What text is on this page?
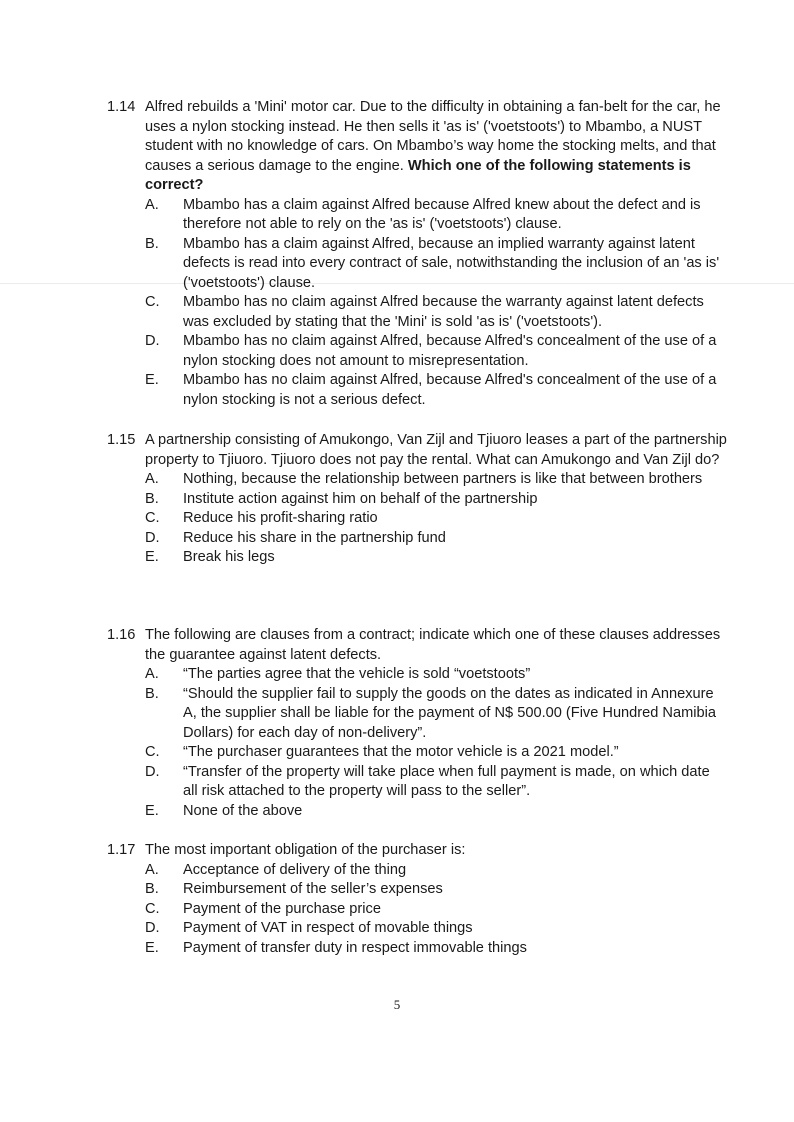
1.14 Alfred rebuilds a 'Mini' motor car. Due to the difficulty in obtaining a fan-belt for the car, he uses a nylon stocking instead. He then sells it 'as is' ('voetstoots') to Mbambo, a NUST student with no knowledge of cars. On Mbambo’s way home the stocking melts, and that causes a serious damage to the engine. Which one of the following statements is correct?
A. Mbambo has a claim against Alfred because Alfred knew about the defect and is therefore not able to rely on the 'as is' ('voetstoots') clause.
B. Mbambo has a claim against Alfred, because an implied warranty against latent defects is read into every contract of sale, notwithstanding the inclusion of an 'as is' ('voetstoots') clause.
C. Mbambo has no claim against Alfred because the warranty against latent defects was excluded by stating that the 'Mini' is sold 'as is' ('voetstoots').
D. Mbambo has no claim against Alfred, because Alfred's concealment of the use of a nylon stocking does not amount to misrepresentation.
E. Mbambo has no claim against Alfred, because Alfred's concealment of the use of a nylon stocking is not a serious defect.
1.15 A partnership consisting of Amukongo, Van Zijl and Tjiuoro leases a part of the partnership property to Tjiuoro. Tjiuoro does not pay the rental. What can Amukongo and Van Zijl do?
A. Nothing, because the relationship between partners is like that between brothers
B. Institute action against him on behalf of the partnership
C. Reduce his profit-sharing ratio
D. Reduce his share in the partnership fund
E. Break his legs
1.16 The following are clauses from a contract; indicate which one of these clauses addresses the guarantee against latent defects.
A. “The parties agree that the vehicle is sold “voetstoots”
B. “Should the supplier fail to supply the goods on the dates as indicated in Annexure A, the supplier shall be liable for the payment of N$ 500.00 (Five Hundred Namibia Dollars) for each day of non-delivery”.
C. “The purchaser guarantees that the motor vehicle is a 2021 model.”
D. “Transfer of the property will take place when full payment is made, on which date all risk attached to the property will pass to the seller”.
E. None of the above
1.17 The most important obligation of the purchaser is:
A. Acceptance of delivery of the thing
B. Reimbursement of the seller’s expenses
C. Payment of the purchase price
D. Payment of VAT in respect of movable things
E. Payment of transfer duty in respect immovable things
5
